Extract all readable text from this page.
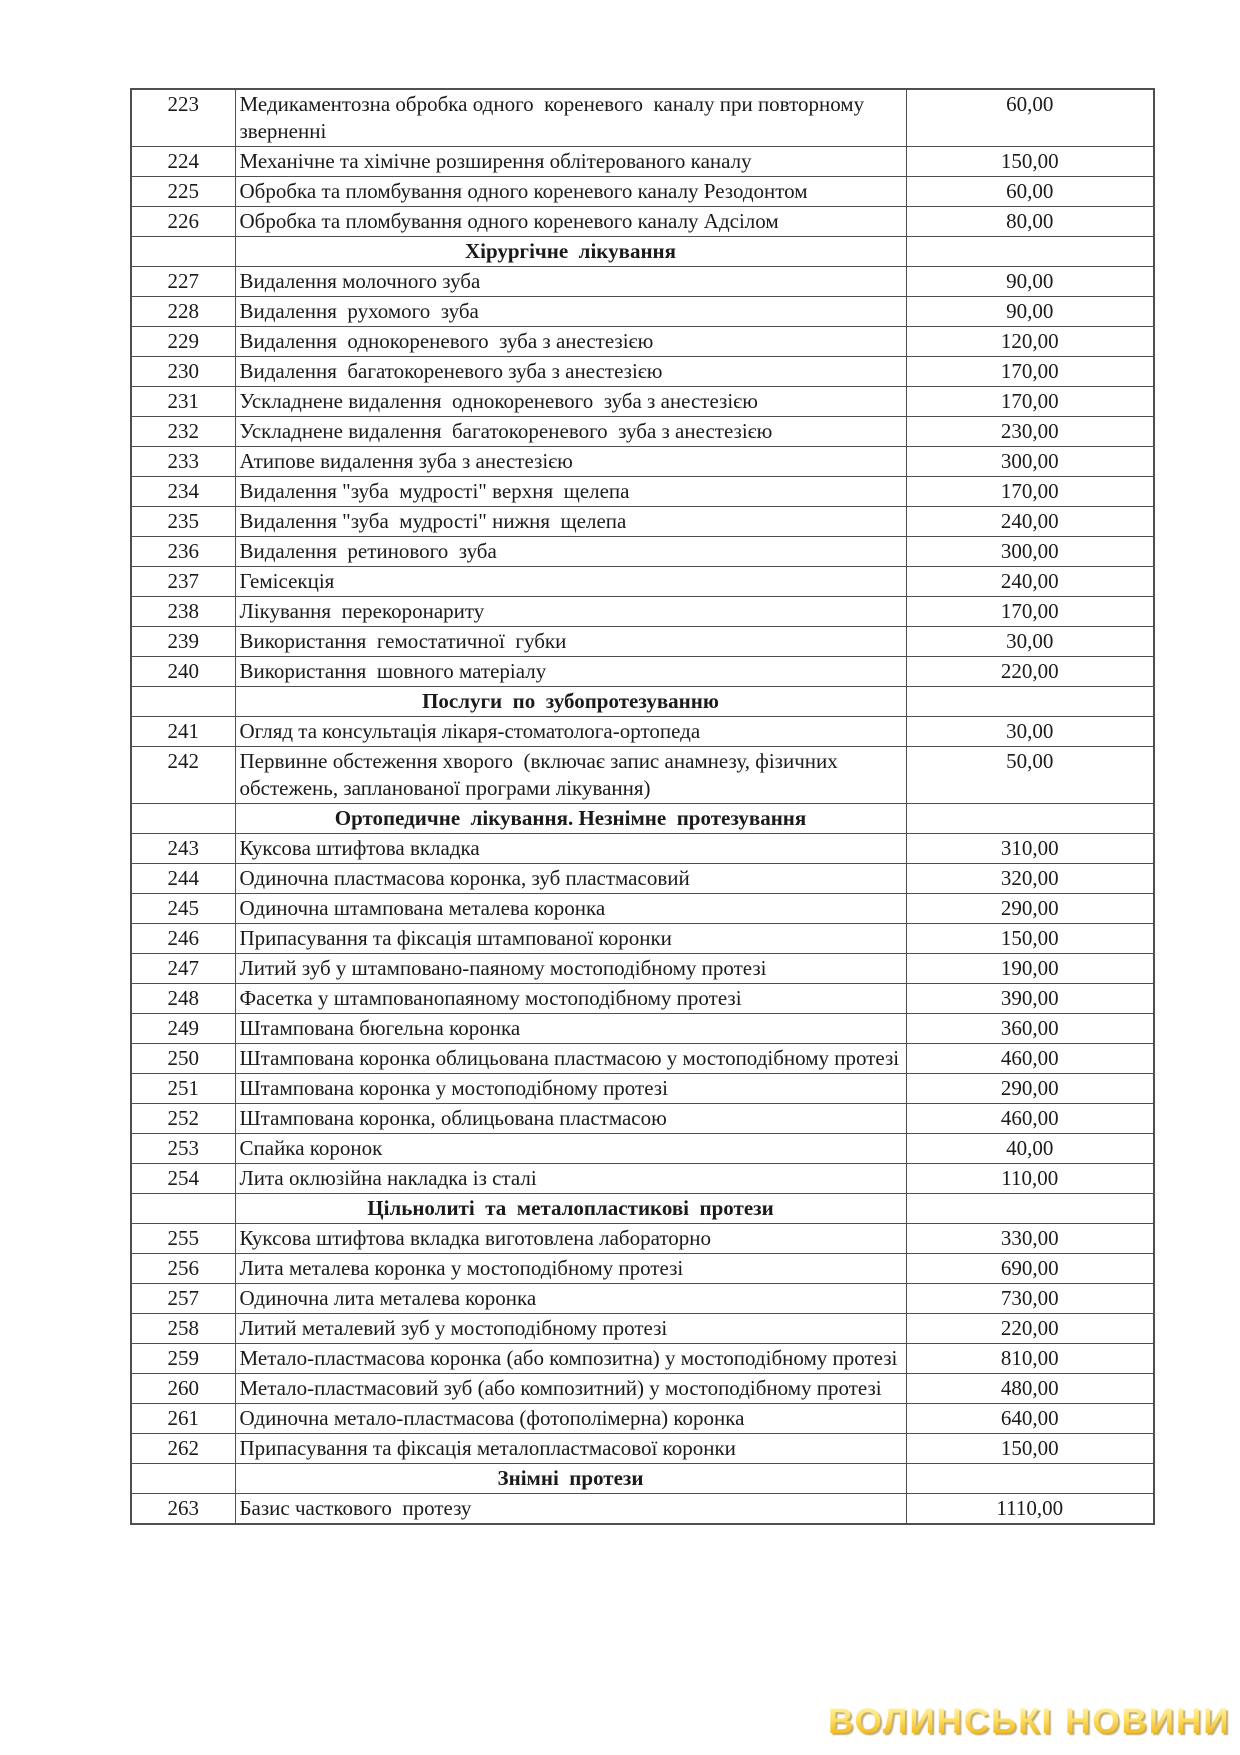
223	Медикаментозна обробка одного  кореневого  каналу при повторному  зверненні	60,00
224	Механічне та хімічне розширення облітерованого каналу	150,00
225	Обробка та пломбування одного кореневого каналу Резодонтом	60,00
226	Обробка та пломбування одного кореневого каналу Адсілом	80,00
	Хірургічне  лікування	
227	Видалення молочного зуба	90,00
228	Видалення  рухомого  зуба	90,00
229	Видалення  однокореневого  зуба з анестезією	120,00
230	Видалення  багатокореневого зуба з анестезією	170,00
231	Ускладнене видалення  однокореневого  зуба з анестезією	170,00
232	Ускладнене видалення  багатокореневого  зуба з анестезією	230,00
233	Атипове видалення зуба з анестезією	300,00
234	Видалення "зуба  мудрості" верхня  щелепа	170,00
235	Видалення "зуба  мудрості" нижня  щелепа	240,00
236	Видалення  ретинового  зуба	300,00
237	Гемісекція	240,00
238	Лікування  перекоронариту	170,00
239	Використання  гемостатичної  губки	30,00
240	Використання  шовного матеріалу	220,00
	Послуги  по  зубопротезуванню	
241	Огляд та консультація лікаря-стоматолога-ортопеда	30,00
242	Первинне обстеження хворого  (включає запис анамнезу, фізичних обстежень, запланованої програми лікування)	50,00
	Ортопедичне  лікування. Незнімне  протезування	
243	Куксова штифтова вкладка	310,00
244	Одиночна пластмасова коронка, зуб пластмасовий	320,00
245	Одиночна штампована металева коронка	290,00
246	Припасування та фіксація штампованої коронки	150,00
247	Литий зуб у штамповано-паяному мостоподібному протезі	190,00
248	Фасетка у штампованопаяному мостоподібному протезі	390,00
249	Штампована бюгельна коронка	360,00
250	Штампована коронка облицьована пластмасою у мостоподібному протезі	460,00
251	Штампована коронка у мостоподібному протезі	290,00
252	Штампована коронка, облицьована пластмасою	460,00
253	Спайка коронок	40,00
254	Лита оклюзійна накладка із сталі	110,00
	Цільнолиті  та  металопластикові  протези	
255	Куксова штифтова вкладка виготовлена лабораторно	330,00
256	Лита металева коронка у мостоподібному протезі	690,00
257	Одиночна лита металева коронка	730,00
258	Литий металевий зуб у мостоподібному протезі	220,00
259	Метало-пластмасова коронка (або композитна) у мостоподібному протезі	810,00
260	Метало-пластмасовий зуб (або композитний) у мостоподібному протезі	480,00
261	Одиночна метало-пластмасова (фотополімерна) коронка	640,00
262	Припасування та фіксація металопластмасової коронки	150,00
	Знімні  протези	
263	Базис часткового  протезу	1110,00
ВОЛИНСЬКІ НОВИНИ
